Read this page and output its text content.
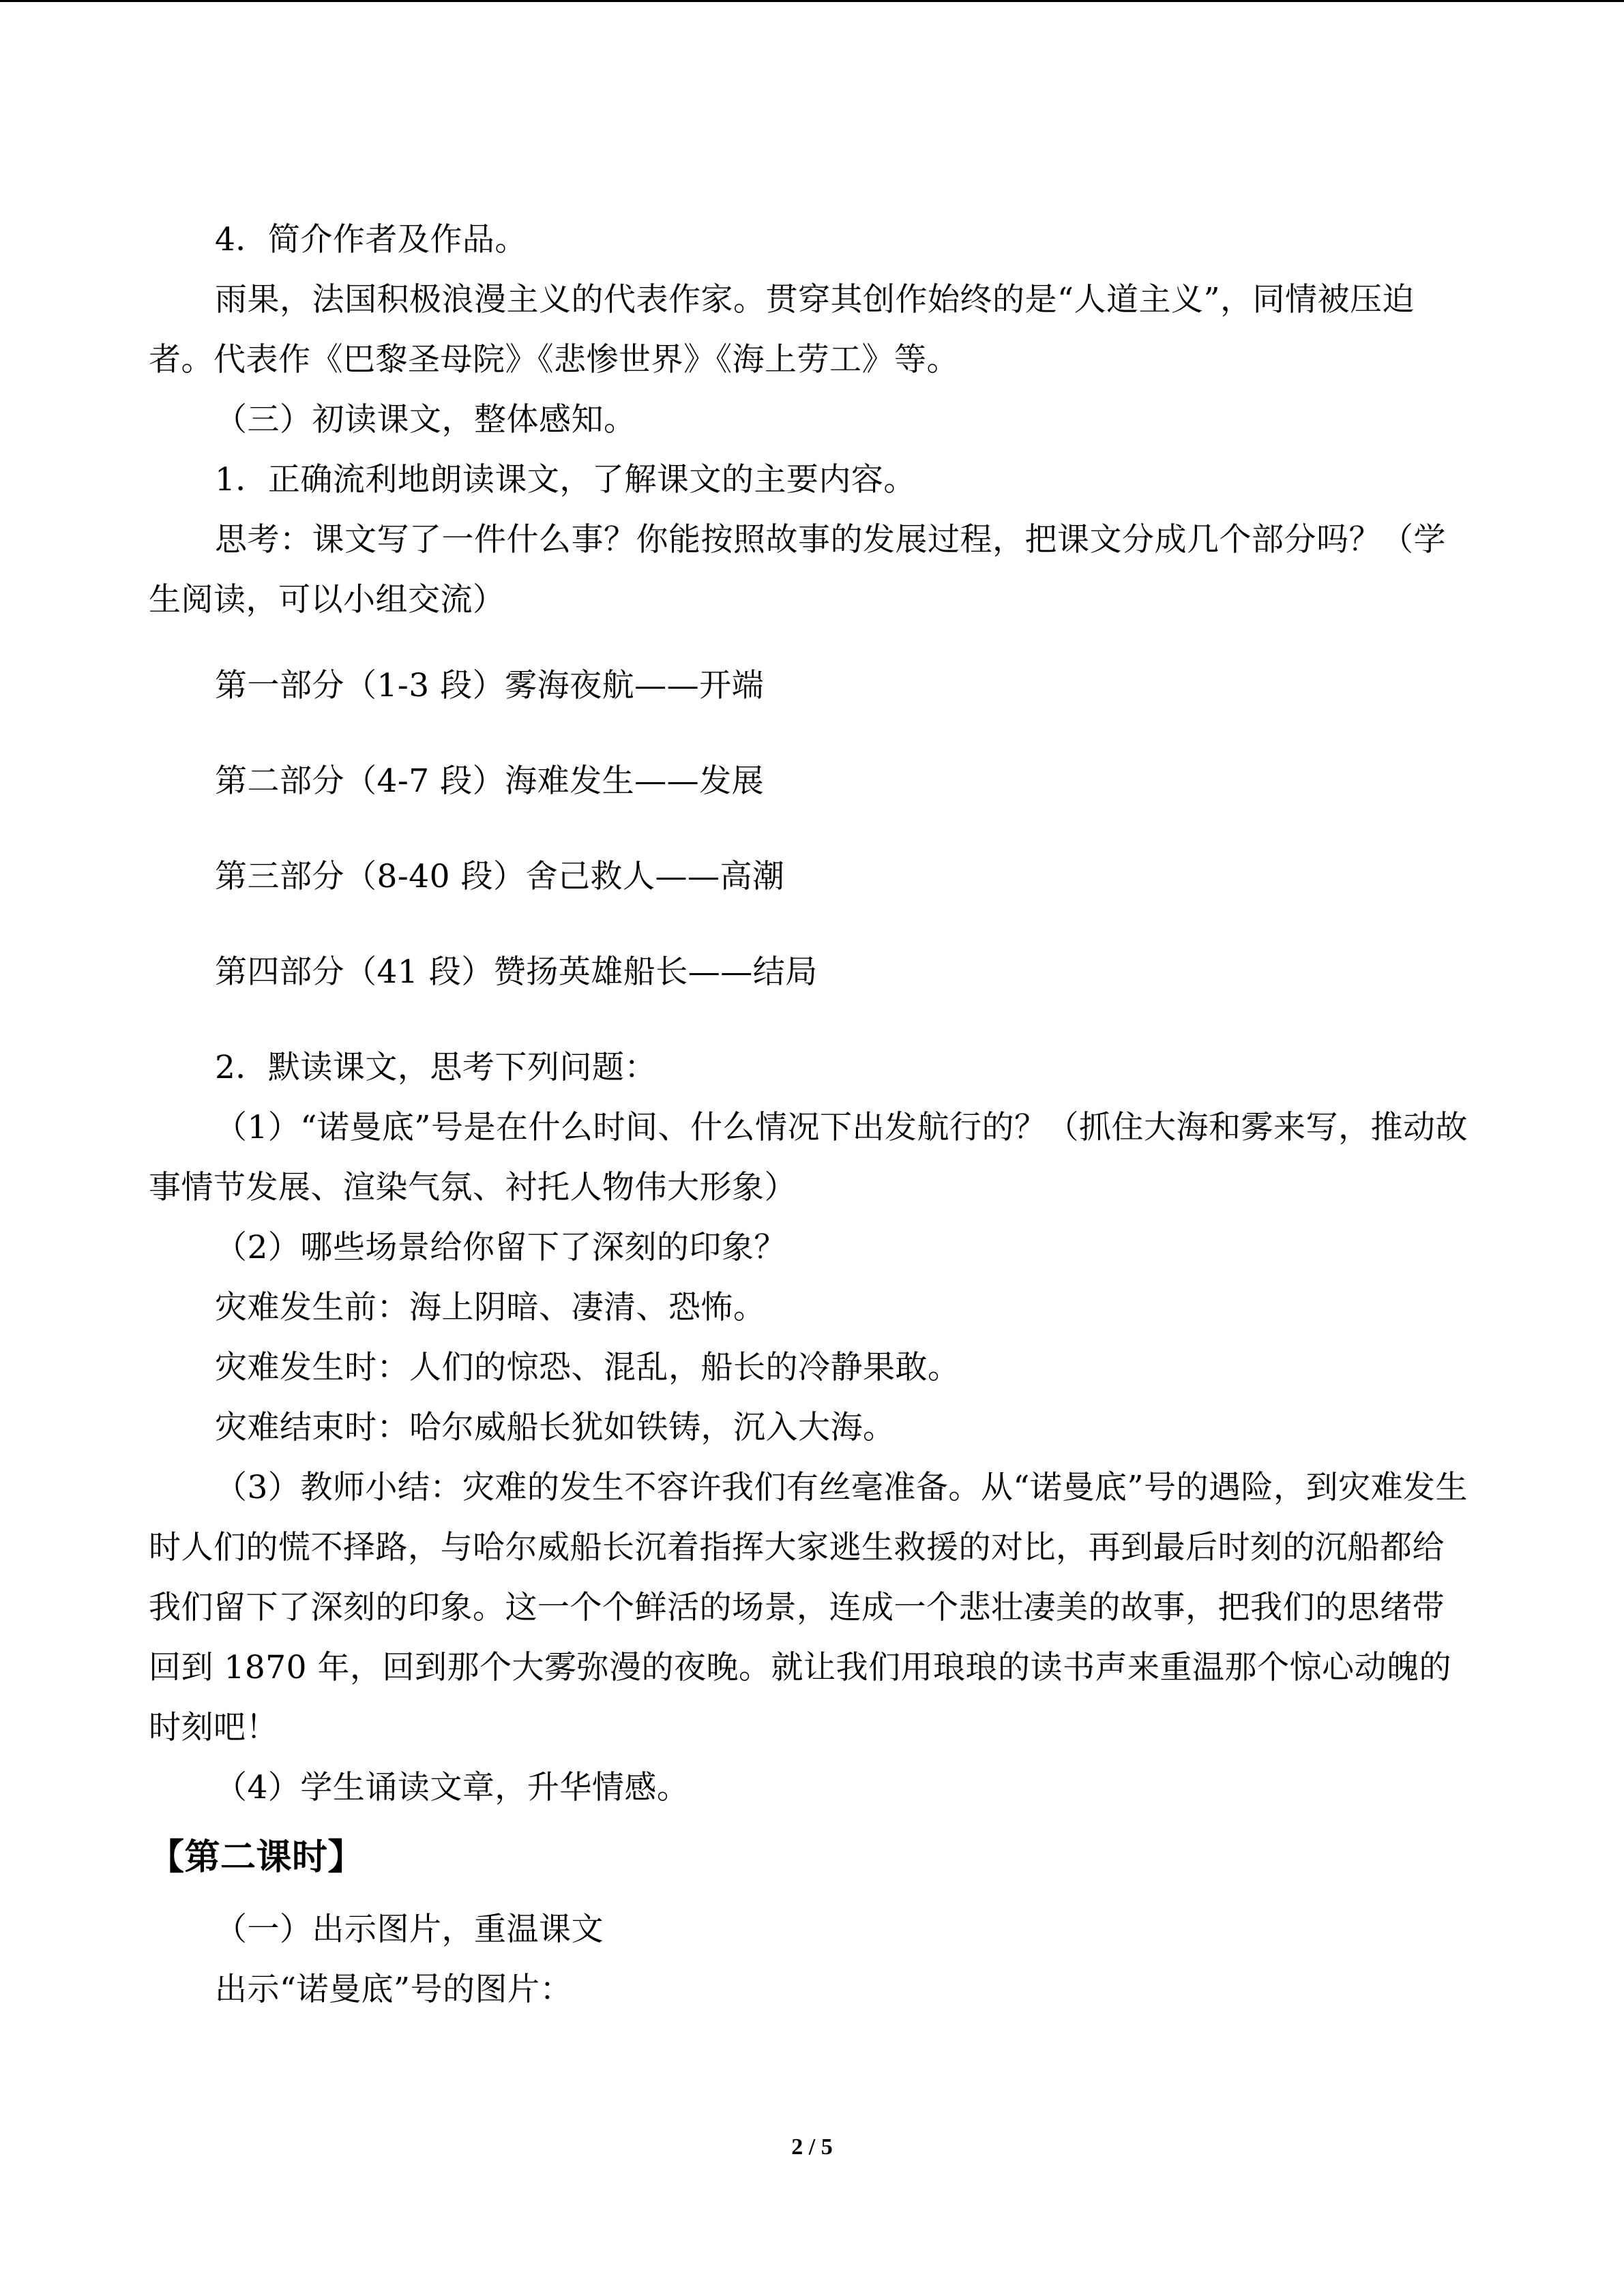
4．简介作者及作品。

雨果，法国积极浪漫主义的代表作家。贯穿其创作始终的是“人道主义”，同情被压迫者。代表作《巴黎圣母院》《悲惨世界》《海上劳工》等。

（三）初读课文，整体感知。

1．正确流利地朗读课文，了解课文的主要内容。

思考：课文写了一件什么事？你能按照故事的发展过程，把课文分成几个部分吗？（学生阅读，可以小组交流）

第一部分（1-3 段）雾海夜航——开端

第二部分（4-7 段）海难发生——发展

第三部分（8-40 段）舍己救人——高潮

第四部分（41 段）赞扬英雄船长——结局

2．默读课文，思考下列问题：

（1）“诺曼底”号是在什么时间、什么情况下出发航行的？（抓住大海和雾来写，推动故事情节发展、渲染气氛、衬托人物伟大形象）

（2）哪些场景给你留下了深刻的印象？

灾难发生前：海上阴暗、凄清、恐怖。

灾难发生时：人们的惊恐、混乱，船长的冷静果敢。

灾难结束时：哈尔威船长犹如铁铸，沉入大海。

（3）教师小结：灾难的发生不容许我们有丝毫准备。从“诺曼底”号的遇险，到灾难发生时人们的慌不择路，与哈尔威船长沉着指挥大家逃生救援的对比，再到最后时刻的沉船都给我们留下了深刻的印象。这一个个鲜活的场景，连成一个悲壮凄美的故事，把我们的思绪带回到 1870 年，回到那个大雾弥漫的夜晚。就让我们用琅琅的读书声来重温那个惊心动魄的时刻吧！

（4）学生诵读文章，升华情感。

【第二课时】

（一）出示图片，重温课文

出示“诺曼底”号的图片：

2 / 5
